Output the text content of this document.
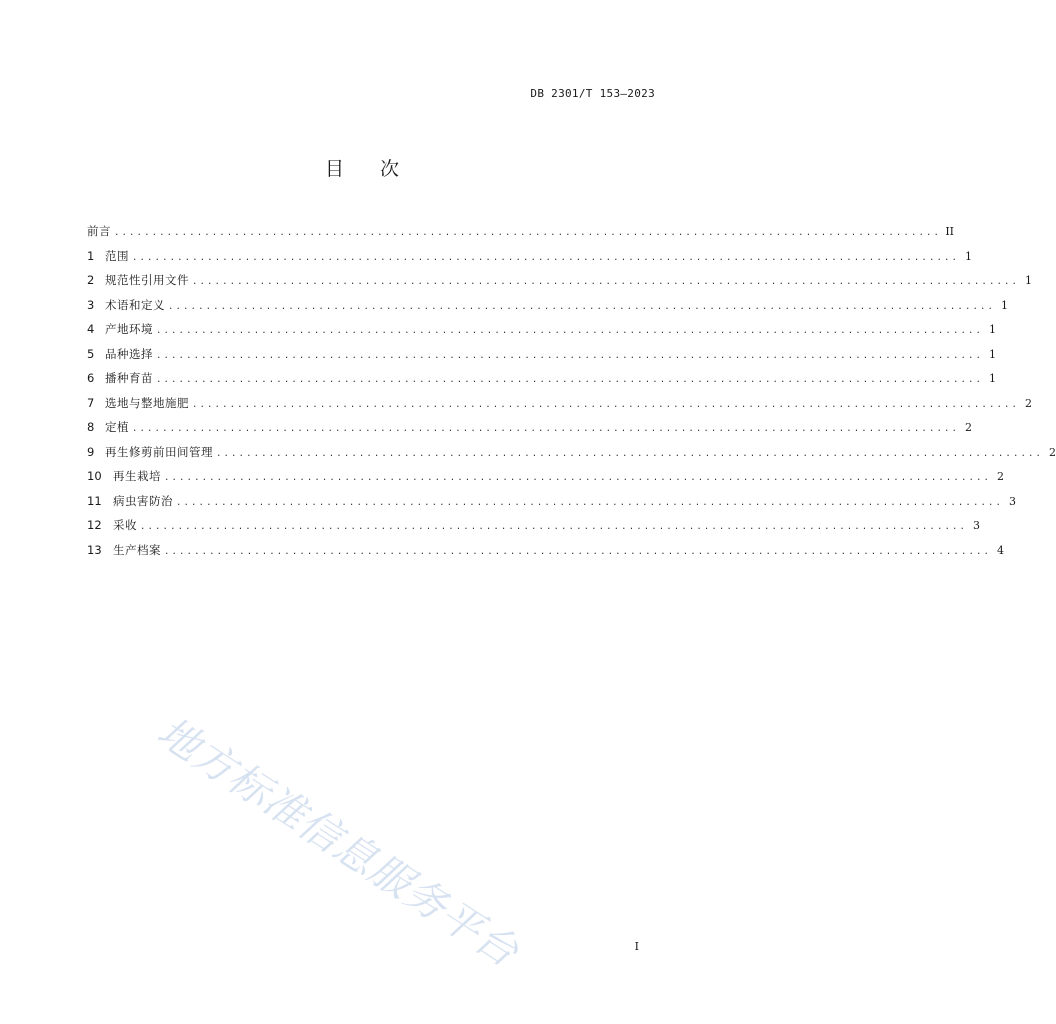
DB 2301/T 153—2023
目 次
前言 .............................................................................................................. II
1 范围 .............................................................................................................. 1
2 规范性引用文件 .............................................................................................................. 1
3 术语和定义 .............................................................................................................. 1
4 产地环境 .............................................................................................................. 1
5 品种选择 .............................................................................................................. 1
6 播种育苗 .............................................................................................................. 1
7 选地与整地施肥 .............................................................................................................. 2
8 定植 .............................................................................................................. 2
9 再生修剪前田间管理 .............................................................................................................. 2
10 再生栽培 .............................................................................................................. 2
11 病虫害防治 .............................................................................................................. 3
12 采收 .............................................................................................................. 3
13 生产档案 .............................................................................................................. 4
地方标准信息服务平台	I
